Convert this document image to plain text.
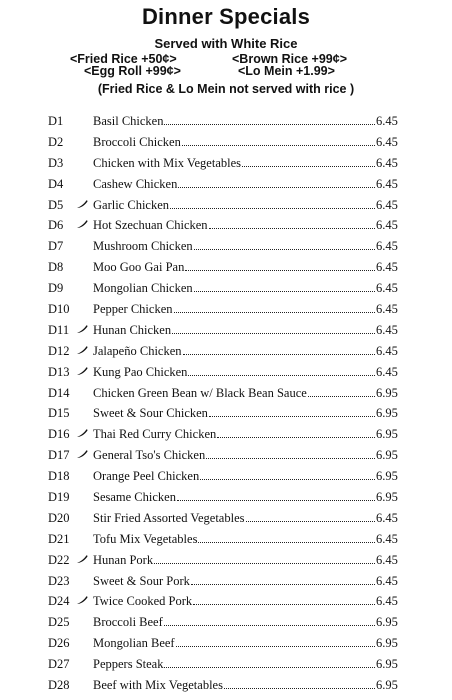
Dinner Specials
Served with White Rice
<Fried Rice +50¢>	<Brown Rice +99¢>
<Egg Roll +99¢>	<Lo Mein +1.99>
(Fried Rice & Lo Mein not served with rice )
D1 Basil Chicken	6.45
D2 Broccoli Chicken	6.45
D3 Chicken with Mix Vegetables	6.45
D4 Cashew Chicken	6.45
D5 Garlic Chicken	6.45
D6 Hot Szechuan Chicken	6.45
D7 Mushroom Chicken	6.45
D8 Moo Goo Gai Pan	6.45
D9 Mongolian Chicken	6.45
D10 Pepper Chicken	6.45
D11 Hunan Chicken	6.45
D12 Jalapeño Chicken	6.45
D13 Kung Pao Chicken	6.45
D14 Chicken Green Bean w/ Black Bean Sauce	6.95
D15 Sweet & Sour Chicken	6.95
D16 Thai Red Curry Chicken	6.95
D17 General Tso's Chicken	6.95
D18 Orange Peel Chicken	6.95
D19 Sesame Chicken	6.95
D20 Stir Fried Assorted Vegetables	6.45
D21 Tofu Mix Vegetables	6.45
D22 Hunan Pork	6.45
D23 Sweet & Sour Pork	6.45
D24 Twice Cooked Pork	6.45
D25 Broccoli Beef	6.95
D26 Mongolian Beef	6.95
D27 Peppers Steak	6.95
D28 Beef with Mix Vegetables	6.95
